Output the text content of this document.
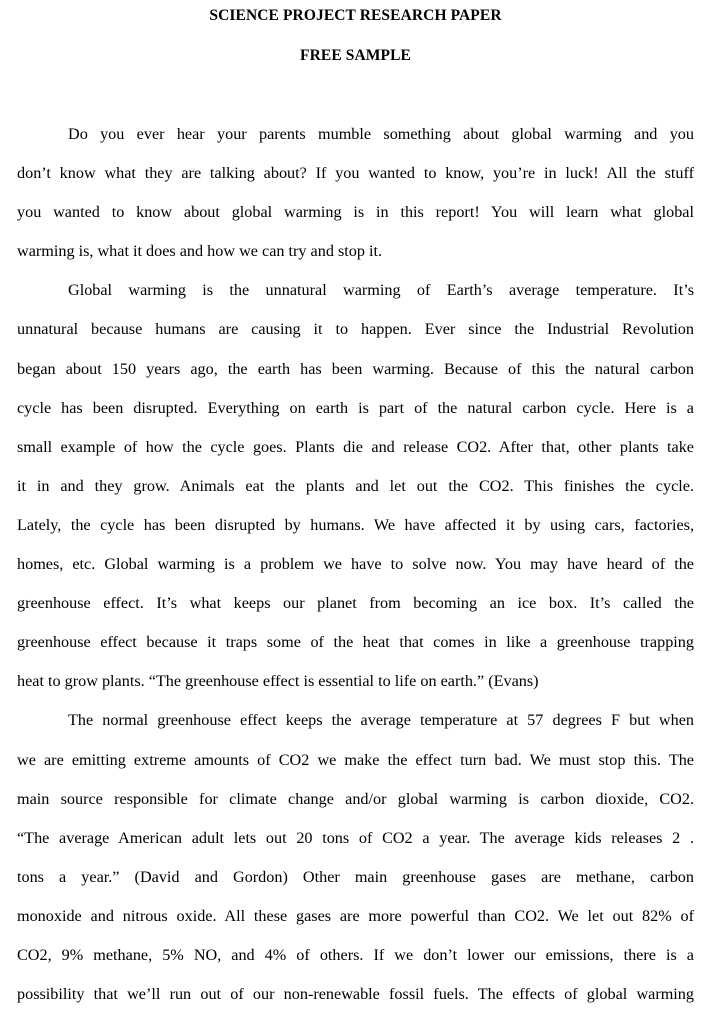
SCIENCE PROJECT RESEARCH PAPER
FREE SAMPLE
Do you ever hear your parents mumble something about global warming and you
don’t know what they are talking about? If you wanted to know, you’re in luck! All the stuff
you wanted to know about global warming is in this report! You will learn what global
warming is, what it does and how we can try and stop it.
Global warming is the unnatural warming of Earth’s average temperature. It’s
unnatural because humans are causing it to happen. Ever since the Industrial Revolution
began about 150 years ago, the earth has been warming. Because of this the natural carbon
cycle has been disrupted. Everything on earth is part of the natural carbon cycle. Here is a
small example of how the cycle goes. Plants die and release CO2. After that, other plants take
it in and they grow. Animals eat the plants and let out the CO2. This finishes the cycle.
Lately, the cycle has been disrupted by humans. We have affected it by using cars, factories,
homes, etc. Global warming is a problem we have to solve now. You may have heard of the
greenhouse effect. It’s what keeps our planet from becoming an ice box. It’s called the
greenhouse effect because it traps some of the heat that comes in like a greenhouse trapping
heat to grow plants. “The greenhouse effect is essential to life on earth.” (Evans)
The normal greenhouse effect keeps the average temperature at 57 degrees F but when
we are emitting extreme amounts of CO2 we make the effect turn bad. We must stop this. The
main source responsible for climate change and/or global warming is carbon dioxide, CO2.
“The average American adult lets out 20 tons of CO2 a year. The average kids releases 2 .
tons a year.” (David and Gordon) Other main greenhouse gases are methane, carbon
monoxide and nitrous oxide. All these gases are more powerful than CO2. We let out 82% of
CO2, 9% methane, 5% NO, and 4% of others. If we don’t lower our emissions, there is a
possibility that we’ll run out of our non-renewable fossil fuels. The effects of global warming
